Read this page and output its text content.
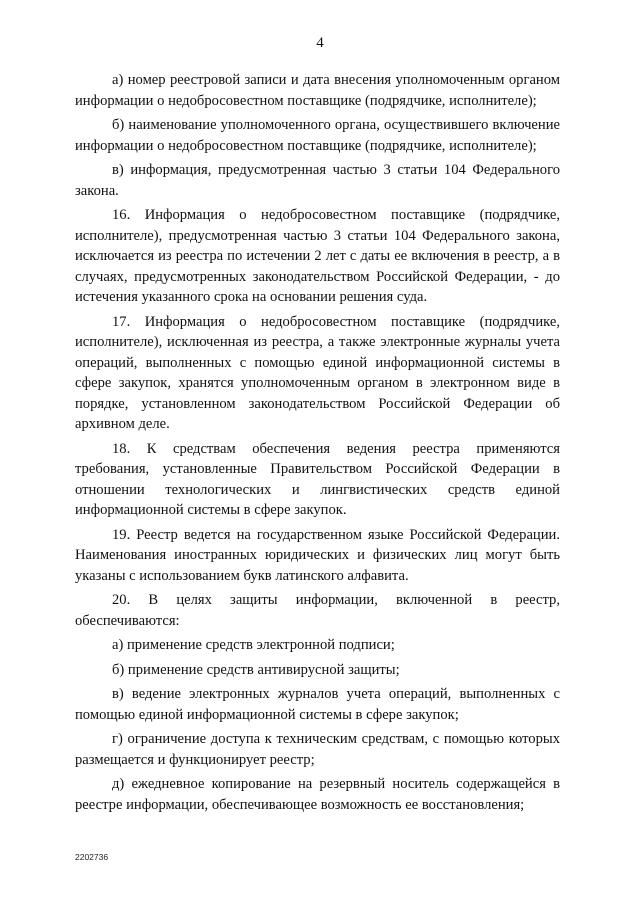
4

а) номер реестровой записи и дата внесения уполномоченным органом информации о недобросовестном поставщике (подрядчике, исполнителе);

б) наименование уполномоченного органа, осуществившего включение информации о недобросовестном поставщике (подрядчике, исполнителе);

в) информация, предусмотренная частью 3 статьи 104 Федерального закона.

16. Информация о недобросовестном поставщике (подрядчике, исполнителе), предусмотренная частью 3 статьи 104 Федерального закона, исключается из реестра по истечении 2 лет с даты ее включения в реестр, а в случаях, предусмотренных законодательством Российской Федерации, - до истечения указанного срока на основании решения суда.

17. Информация о недобросовестном поставщике (подрядчике, исполнителе), исключенная из реестра, а также электронные журналы учета операций, выполненных с помощью единой информационной системы в сфере закупок, хранятся уполномоченным органом в электронном виде в порядке, установленном законодательством Российской Федерации об архивном деле.

18. К средствам обеспечения ведения реестра применяются требования, установленные Правительством Российской Федерации в отношении технологических и лингвистических средств единой информационной системы в сфере закупок.

19. Реестр ведется на государственном языке Российской Федерации. Наименования иностранных юридических и физических лиц могут быть указаны с использованием букв латинского алфавита.

20. В целях защиты информации, включенной в реестр, обеспечиваются:

а) применение средств электронной подписи;

б) применение средств антивирусной защиты;

в) ведение электронных журналов учета операций, выполненных с помощью единой информационной системы в сфере закупок;

г) ограничение доступа к техническим средствам, с помощью которых размещается и функционирует реестр;

д) ежедневное копирование на резервный носитель содержащейся в реестре информации, обеспечивающее возможность ее восстановления;

2202736
